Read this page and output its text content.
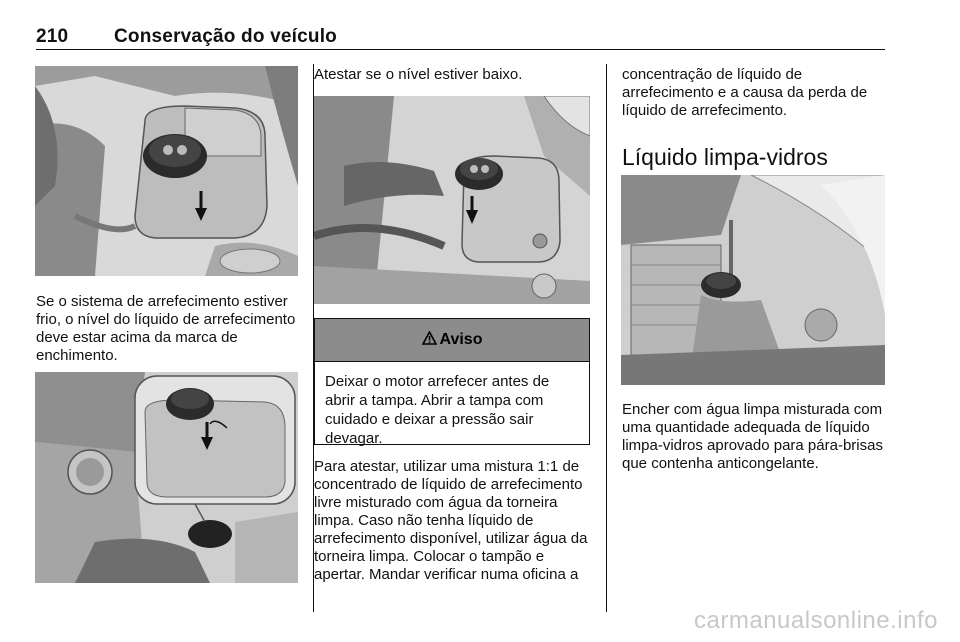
210 Conservação do veículo
Se o sistema de arrefecimento estiver frio, o nível do líquido de arrefecimento deve estar acima da marca de enchimento.
Atestar se o nível estiver baixo.
Aviso
Deixar o motor arrefecer antes de abrir a tampa. Abrir a tampa com cuidado e deixar a pressão sair devagar.
Para atestar, utilizar uma mistura 1:1 de concentrado de líquido de arrefecimento livre misturado com água da torneira limpa. Caso não tenha líquido de arrefecimento disponível, utilizar água da torneira limpa. Colocar o tampão e apertar. Mandar verificar numa oficina a
concentração de líquido de arrefecimento e a causa da perda de líquido de arrefecimento.
Líquido limpa-vidros
Encher com água limpa misturada com uma quantidade adequada de líquido limpa-vidros aprovado para pára-brisas que contenha anticongelante.
carmanualsonline.info
